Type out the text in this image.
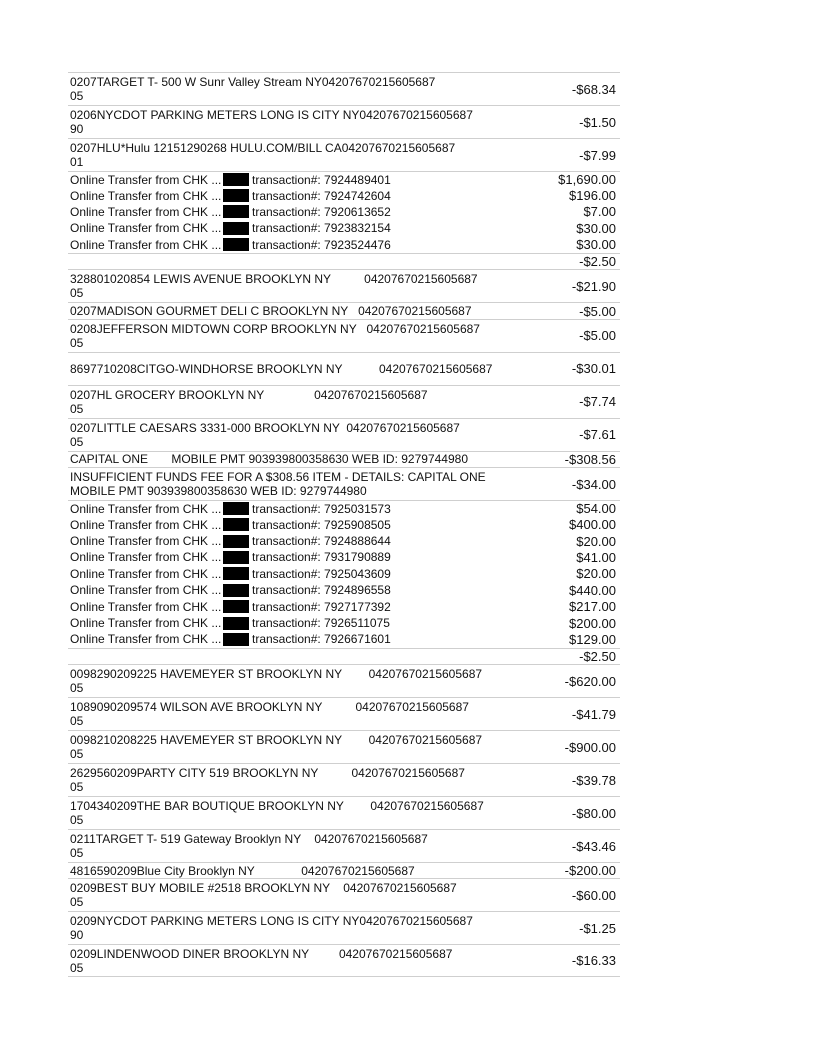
0207TARGET T- 500 W Sunr Valley Stream NY04207670215605687
05	-$68.34
0206NYCDOT PARKING METERS LONG IS CITY NY04207670215605687
90	-$1.50
0207HLU*Hulu 12151290268 HULU.COM/BILL CA04207670215605687
01	-$7.99
Online Transfer from CHK ...	transaction#: 7924489401	$1,690.00
Online Transfer from CHK ...	transaction#: 7924742604	$196.00
Online Transfer from CHK ...	transaction#: 7920613652	$7.00
Online Transfer from CHK ...	transaction#: 7923832154	$30.00
Online Transfer from CHK ...	transaction#: 7923524476	$30.00
-$2.50
328801020854 LEWIS AVENUE BROOKLYN NY          04207670215605687
05	-$21.90
0207MADISON GOURMET DELI C BROOKLYN NY   04207670215605687	-$5.00
0208JEFFERSON MIDTOWN CORP BROOKLYN NY   04207670215605687
05	-$5.00
8697710208CITGO-WINDHORSE BROOKLYN NY           04207670215605687	-$30.01
0207HL GROCERY BROOKLYN NY               04207670215605687
05	-$7.74
0207LITTLE CAESARS 3331-000 BROOKLYN NY  04207670215605687
05	-$7.61
CAPITAL ONE       MOBILE PMT 903939800358630 WEB ID: 9279744980	-$308.56
INSUFFICIENT FUNDS FEE FOR A $308.56 ITEM - DETAILS: CAPITAL ONE
MOBILE PMT 903939800358630 WEB ID: 9279744980	-$34.00
Online Transfer from CHK ...	transaction#: 7925031573	$54.00
Online Transfer from CHK ...	transaction#: 7925908505	$400.00
Online Transfer from CHK ...	transaction#: 7924888644	$20.00
Online Transfer from CHK ...	transaction#: 7931790889	$41.00
Online Transfer from CHK ...	transaction#: 7925043609	$20.00
Online Transfer from CHK ...	transaction#: 7924896558	$440.00
Online Transfer from CHK ...	transaction#: 7927177392	$217.00
Online Transfer from CHK ...	transaction#: 7926511075	$200.00
Online Transfer from CHK ...	transaction#: 7926671601	$129.00
-$2.50
0098290209225 HAVEMEYER ST BROOKLYN NY        04207670215605687
05	-$620.00
1089090209574 WILSON AVE BROOKLYN NY          04207670215605687
05	-$41.79
0098210208225 HAVEMEYER ST BROOKLYN NY        04207670215605687
05	-$900.00
2629560209PARTY CITY 519 BROOKLYN NY          04207670215605687
05	-$39.78
1704340209THE BAR BOUTIQUE BROOKLYN NY        04207670215605687
05	-$80.00
0211TARGET T- 519 Gateway Brooklyn NY    04207670215605687
05	-$43.46
4816590209Blue City Brooklyn NY              04207670215605687	-$200.00
0209BEST BUY MOBILE #2518 BROOKLYN NY    04207670215605687
05	-$60.00
0209NYCDOT PARKING METERS LONG IS CITY NY04207670215605687
90	-$1.25
0209LINDENWOOD DINER BROOKLYN NY         04207670215605687
05	-$16.33
